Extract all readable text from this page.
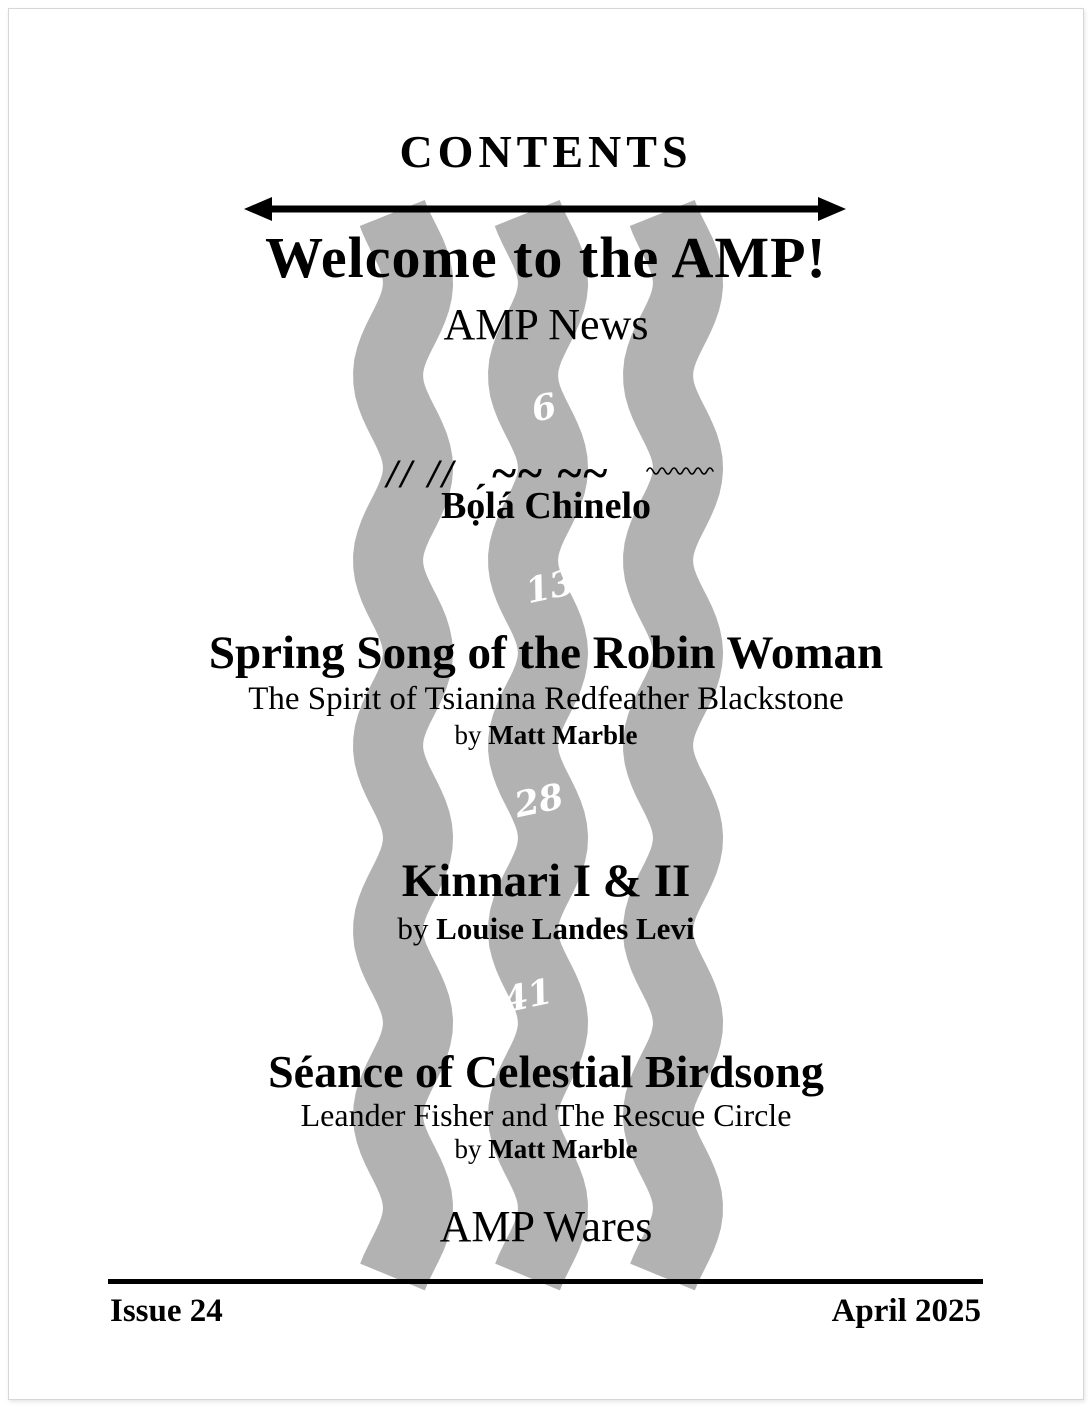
6
13
28
41
CONTENTS
Welcome to the AMP!
AMP News
// // ~~ ~~
Bọ́lá Chinelo
Spring Song of the Robin Woman
The Spirit of Tsianina Redfeather Blackstone
by Matt Marble
Kinnari I & II
by Louise Landes Levi
Séance of Celestial Birdsong
Leander Fisher and The Rescue Circle
by Matt Marble
AMP Wares
Issue 24	April 2025
